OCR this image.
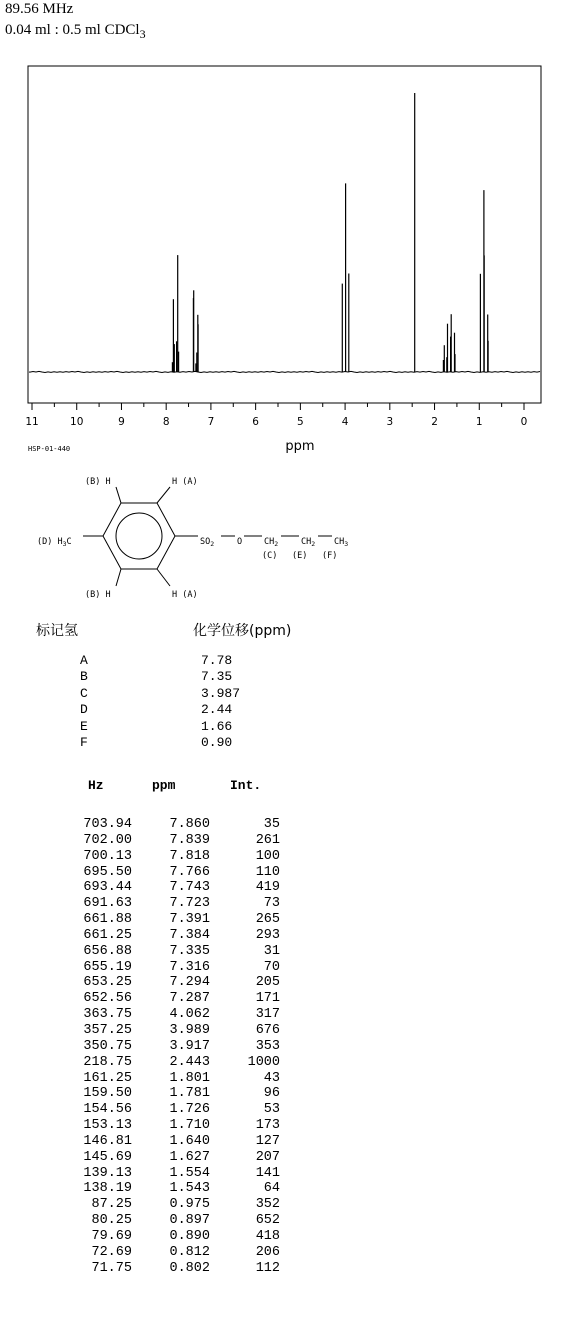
89.56 MHz
0.04 ml : 0.5 ml CDCl$_3$
11	10	9	8	7	6	5	4	3	2	1	0
ppm
HSP-01-440
(B) H	H (A)
(D) $H_3C$	$SO_2$	O	$CH_2$	$CH_2$ $CH_3$
(C) (E) (F)
(B) H	H (A)
标记氢	化学位移(ppm)
A	7.78
B	7.35
C	3.987
D	2.44
E	1.66
F	0.90
Hz	ppm	Int.
703.94	7.860	35
702.00	7.839	261
700.13	7.818	100
695.50	7.766	110
693.44	7.743	419
691.63	7.723	73
661.88	7.391	265
661.25	7.384	293
656.88	7.335	31
655.19	7.316	70
653.25	7.294	205
652.56	7.287	171
363.75	4.062	317
357.25	3.989	676
350.75	3.917	353
218.75	2.443	1000
161.25	1.801	43
159.50	1.781	96
154.56	1.726	53
153.13	1.710	173
146.81	1.640	127
145.69	1.627	207
139.13	1.554	141
138.19	1.543	64
87.25	0.975	352
80.25	0.897	652
79.69	0.890	418
72.69	0.812	206
71.75	0.802	112
